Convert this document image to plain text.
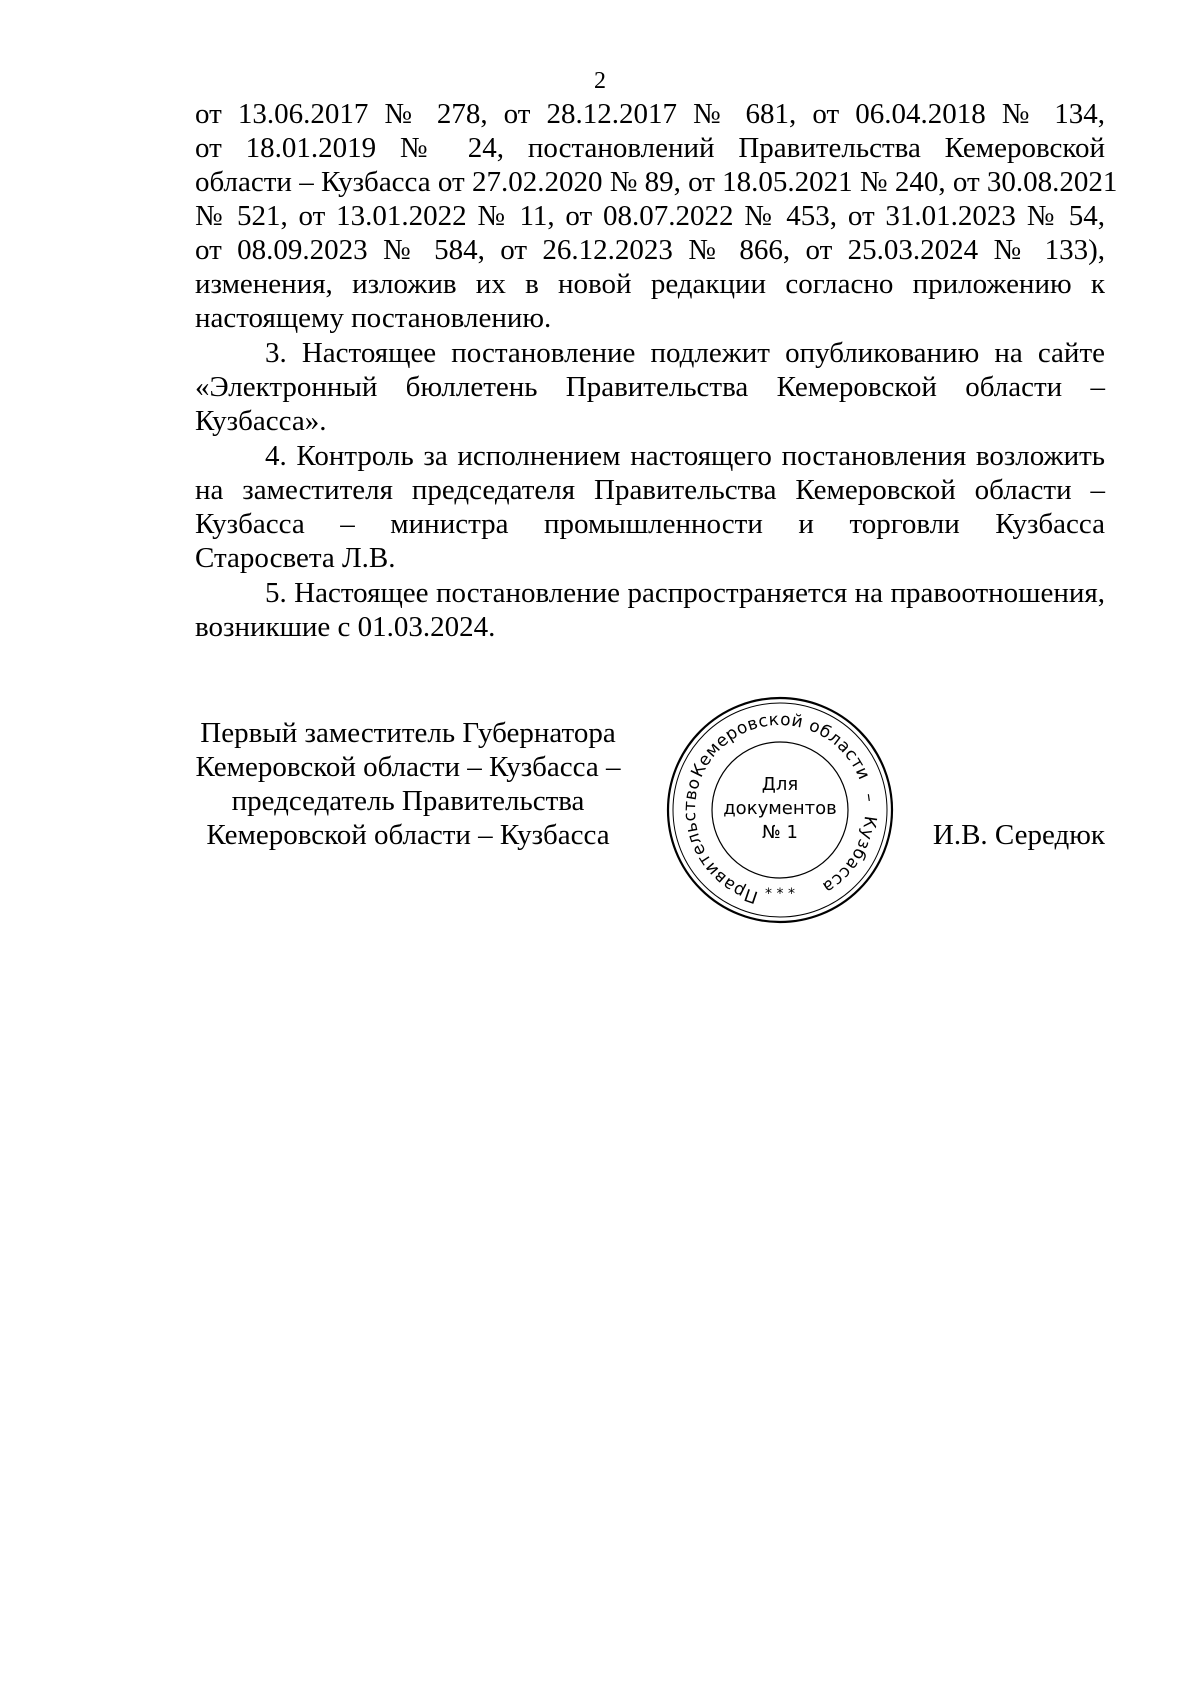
2
от 13.06.2017 № 278, от 28.12.2017 № 681, от 06.04.2018 № 134,
от 18.01.2019 № 24, постановлений Правительства Кемеровской
области – Кузбасса от 27.02.2020 № 89, от 18.05.2021 № 240, от 30.08.2021
№ 521, от 13.01.2022 № 11, от 08.07.2022 № 453, от 31.01.2023 № 54,
от 08.09.2023 № 584, от 26.12.2023 № 866, от 25.03.2024 № 133),
изменения, изложив их в новой редакции согласно приложению к
настоящему постановлению.
3. Настоящее постановление подлежит опубликованию на сайте
«Электронный бюллетень Правительства Кемеровской области –
Кузбасса».
4. Контроль за исполнением настоящего постановления возложить
на заместителя председателя Правительства Кемеровской области –
Кузбасса – министра промышленности и торговли Кузбасса
Старосвета Л.В.
5. Настоящее постановление распространяется на правоотношения,
возникшие с 01.03.2024.
Первый заместитель Губернатора
Кемеровской области – Кузбасса –
председатель Правительства
Кемеровской области – Кузбасса
Правительство
Кемеровской области
–
Кузбасса
Для
документов
№ 1
* * *
И.В. Середюк
